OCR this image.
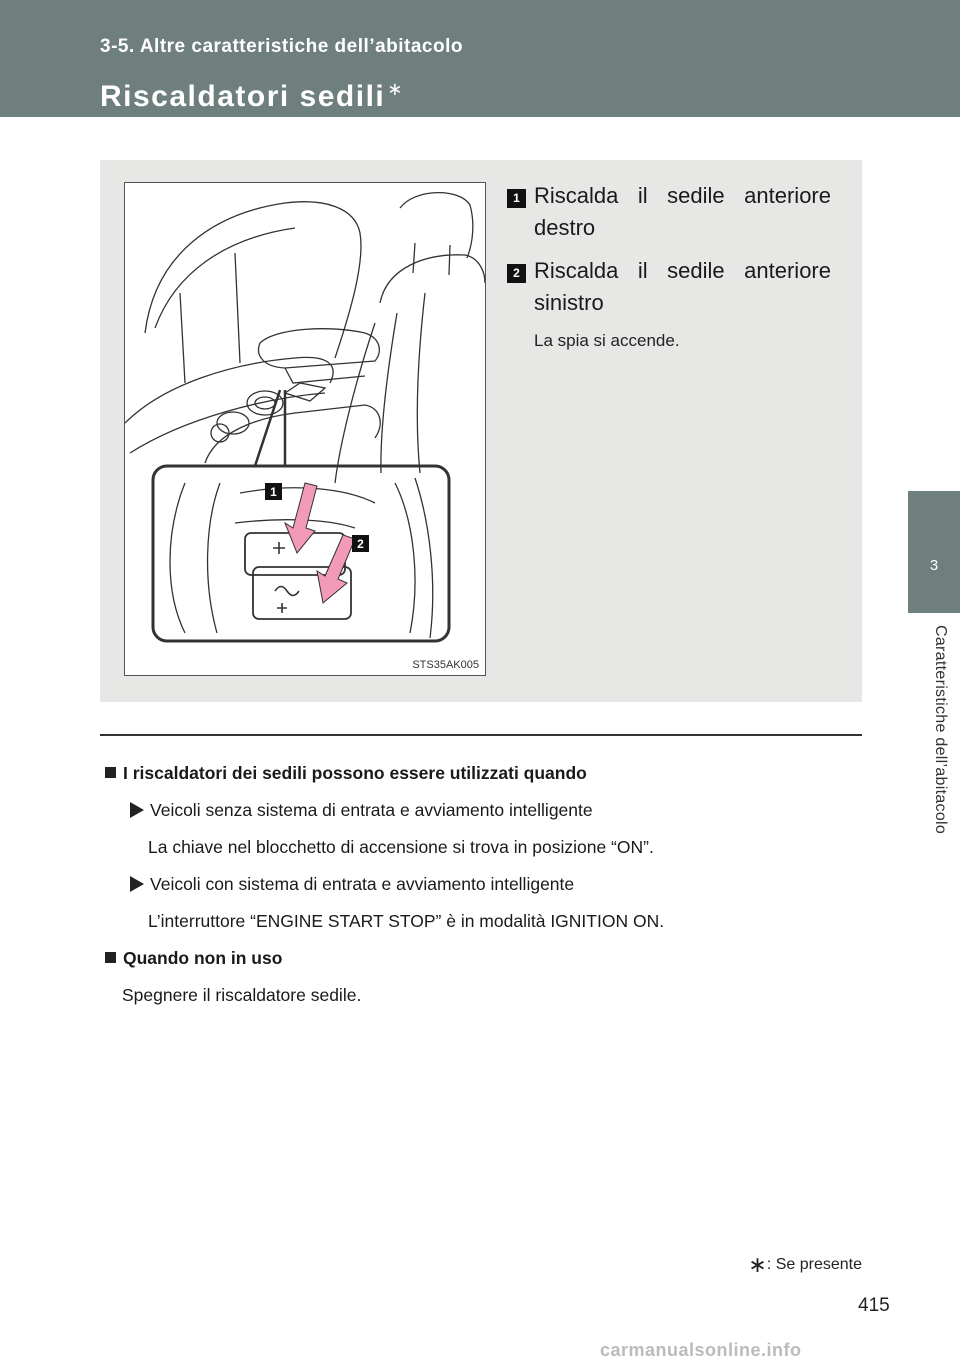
3-5. Altre caratteristiche dell’abitacolo
Riscaldatori sedili ∗
3
Caratteristiche dell’abitacolo
1
2
STS35AK005
1 Riscalda il sedile anteriore destro
2 Riscalda il sedile anteriore sinistro
La spia si accende.

I riscaldatori dei sedili possono essere utilizzati quando

Veicoli senza sistema di entrata e avviamento intelligente
La chiave nel blocchetto di accensione si trova in posizione “ON”.
Veicoli con sistema di entrata e avviamento intelligente
L’interruttore “ENGINE START STOP” è in modalità IGNITION ON.

Quando non in uso

Spegnere il riscaldatore sedile.
∗: Se presente
415
carmanualsonline.info
